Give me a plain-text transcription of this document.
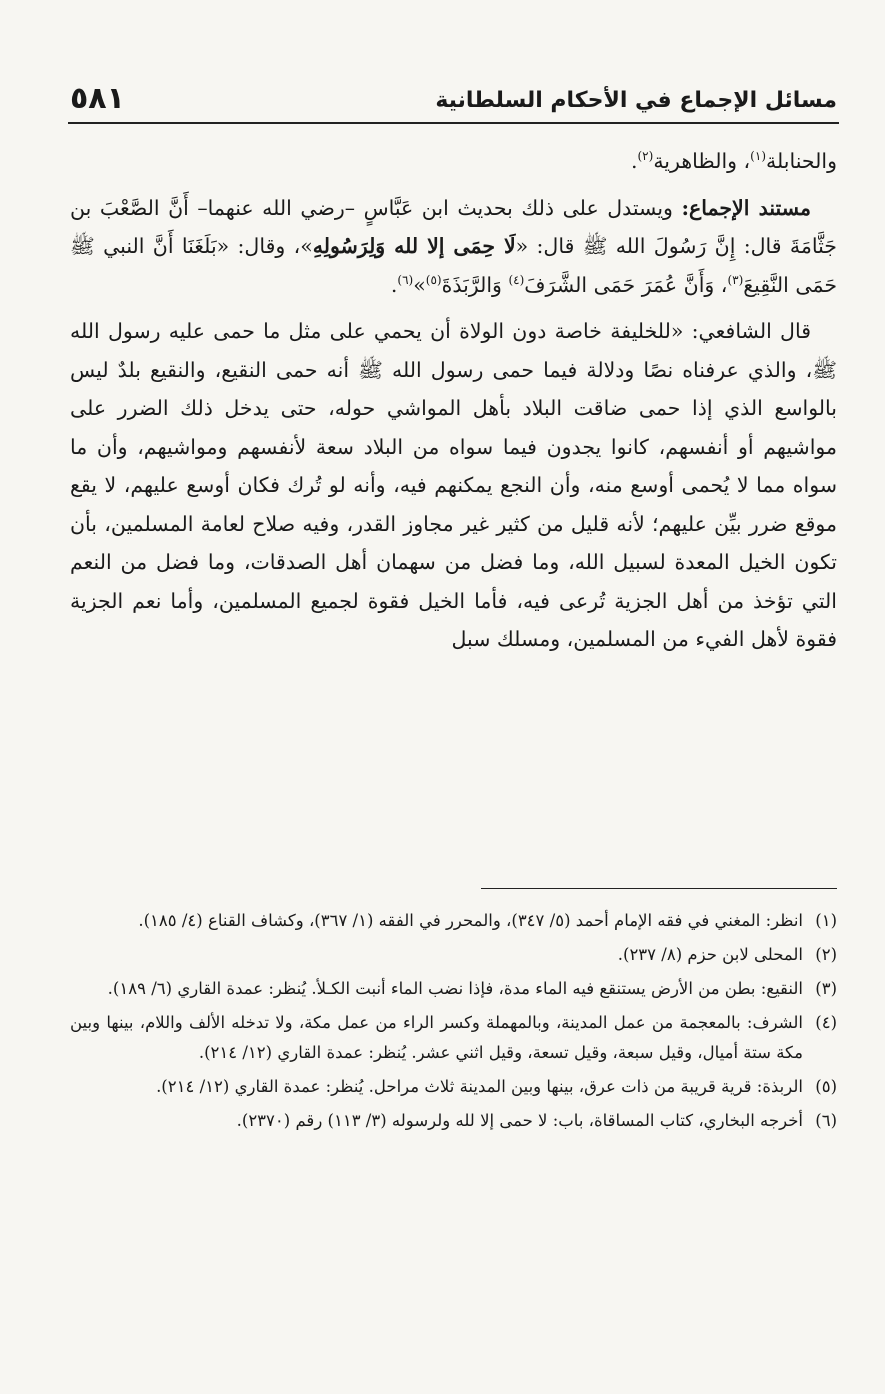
مسائل الإجماع في الأحكام السلطانية
٥٨١

والحنابلة$^{(١)}$، والظاهرية$^{(٢)}$.

مستند الإجماع: ويستدل على ذلك بحديث ابن عَبَّاسٍ –رضي الله عنهما– أَنَّ الصَّعْبَ بن جَثَّامَةَ قال: إِنَّ رَسُولَ الله ﷺ قال: «لَا حِمَى إلا لله وَلِرَسُولِهِ»، وقال: «بَلَغَنَا أَنَّ النبي ﷺ حَمَى النَّقِيعَ$^{(٣)}$، وَأَنَّ عُمَرَ حَمَى الشَّرَفَ$^{(٤)}$ وَالرَّبَذَةَ$^{(٥)}$»$^{(٦)}$.

قال الشافعي: «للخليفة خاصة دون الولاة أن يحمي على مثل ما حمى عليه رسول الله ﷺ، والذي عرفناه نصًا ودلالة فيما حمى رسول الله ﷺ أنه حمى النقيع، والنقيع بلدٌ ليس بالواسع الذي إذا حمى ضاقت البلاد بأهل المواشي حوله، حتى يدخل ذلك الضرر على مواشيهم أو أنفسهم، كانوا يجدون فيما سواه من البلاد سعة لأنفسهم ومواشيهم، وأن ما سواه مما لا يُحمى أوسع منه، وأن النجع يمكنهم فيه، وأنه لو تُرك فكان أوسع عليهم، لا يقع موقع ضرر بيِّن عليهم؛ لأنه قليل من كثير غير مجاوز القدر، وفيه صلاح لعامة المسلمين، بأن تكون الخيل المعدة لسبيل الله، وما فضل من سهمان أهل الصدقات، وما فضل من النعم التي تؤخذ من أهل الجزية تُرعى فيه، فأما الخيل فقوة لجميع المسلمين، وأما نعم الجزية فقوة لأهل الفيء من المسلمين، ومسلك سبل

(١)
انظر: المغني في فقه الإمام أحمد (٥/ ٣٤٧)، والمحرر في الفقه (١/ ٣٦٧)، وكشاف القناع (٤/ ١٨٥).
(٢)
المحلى لابن حزم (٨/ ٢٣٧).
(٣)
النقيع: بطن من الأرض يستنقع فيه الماء مدة، فإذا نضب الماء أنبت الكـلأ. يُنظر: عمدة القاري (٦/ ١٨٩).
(٤)
الشرف: بالمعجمة من عمل المدينة، وبالمهملة وكسر الراء من عمل مكة، ولا تدخله الألف واللام، بينها وبين مكة ستة أميال، وقيل سبعة، وقيل تسعة، وقيل اثني عشر. يُنظر: عمدة القاري (١٢/ ٢١٤).
(٥)
الربذة: قرية قريبة من ذات عرق، بينها وبين المدينة ثلاث مراحل. يُنظر: عمدة القاري (١٢/ ٢١٤).
(٦)
أخرجه البخاري، كتاب المساقاة، باب: لا حمى إلا لله ولرسوله (٣/ ١١٣) رقم (٢٣٧٠).
